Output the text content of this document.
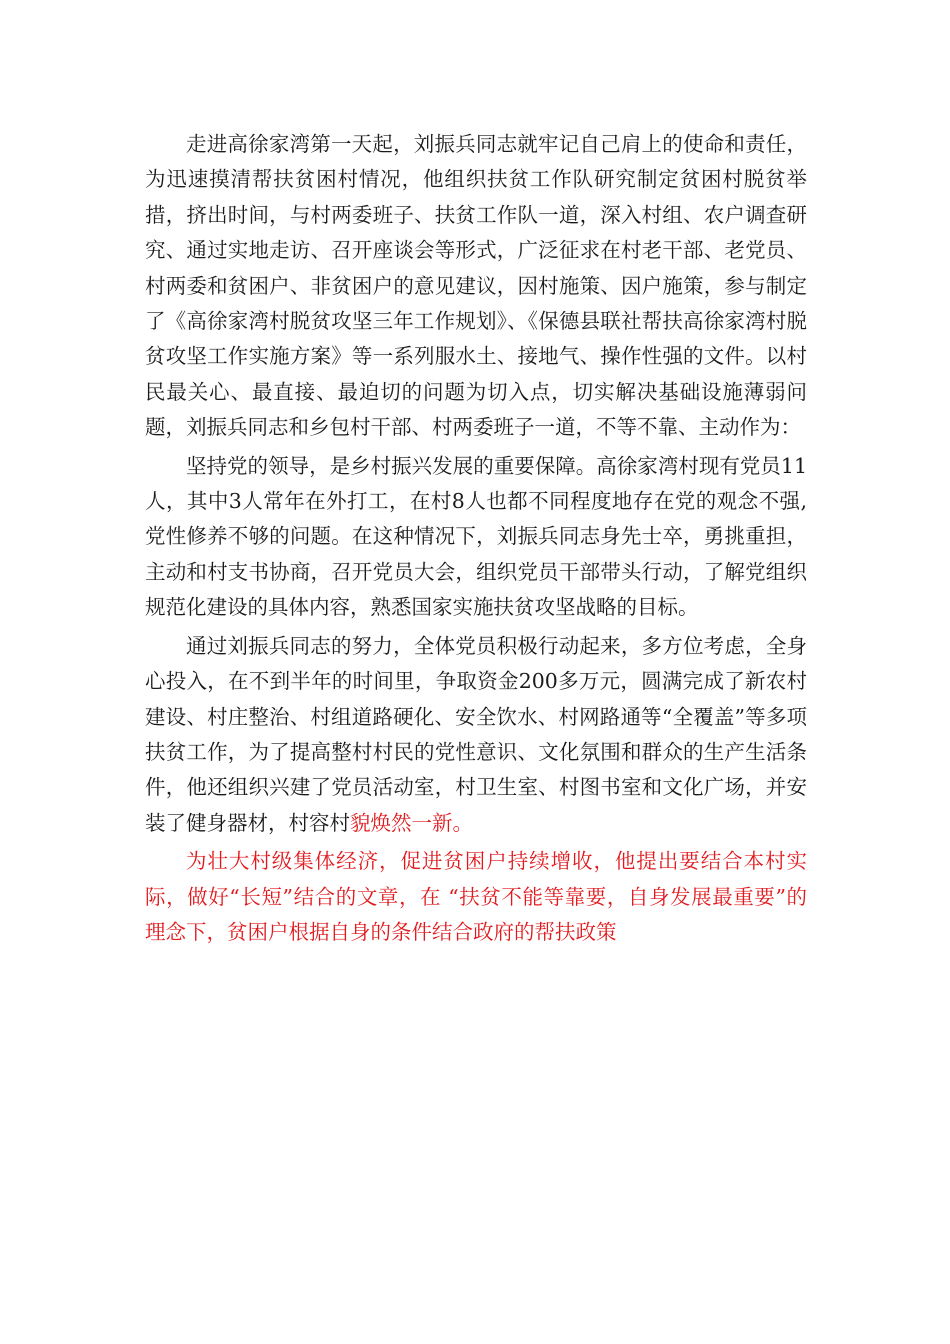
走进高徐家湾第一天起，刘振兵同志就牢记自己肩上的使命和责任，为迅速摸清帮扶贫困村情况，他组织扶贫工作队研究制定贫困村脱贫举措，挤出时间，与村两委班子、扶贫工作队一道，深入村组、农户调查研究、通过实地走访、召开座谈会等形式，广泛征求在村老干部、老党员、村两委和贫困户、非贫困户的意见建议，因村施策、因户施策，参与制定了《高徐家湾村脱贫攻坚三年工作规划》、《保德县联社帮扶高徐家湾村脱贫攻坚工作实施方案》等一系列服水土、接地气、操作性强的文件。以村民最关心、最直接、最迫切的问题为切入点，切实解决基础设施薄弱问题，刘振兵同志和乡包村干部、村两委班子一道，不等不靠、主动作为：

坚持党的领导，是乡村振兴发展的重要保障。高徐家湾村现有党员11人，其中3人常年在外打工，在村8人也都不同程度地存在党的观念不强,党性修养不够的问题。在这种情况下，刘振兵同志身先士卒，勇挑重担，主动和村支书协商，召开党员大会，组织党员干部带头行动，了解党组织规范化建设的具体内容，熟悉国家实施扶贫攻坚战略的目标。

通过刘振兵同志的努力，全体党员积极行动起来，多方位考虑，全身心投入，在不到半年的时间里，争取资金200多万元，圆满完成了新农村建设、村庄整治、村组道路硬化、安全饮水、村网路通等“全覆盖”等多项扶贫工作，为了提高整村村民的党性意识、文化氛围和群众的生产生活条件，他还组织兴建了党员活动室，村卫生室、村图书室和文化广场，并安装了健身器材，村容村貌焕然一新。

为壮大村级集体经济，促进贫困户持续增收，他提出要结合本村实际，做好“长短”结合的文章，在 “扶贫不能等靠要，自身发展最重要”的理念下，贫困户根据自身的条件结合政府的帮扶政策
